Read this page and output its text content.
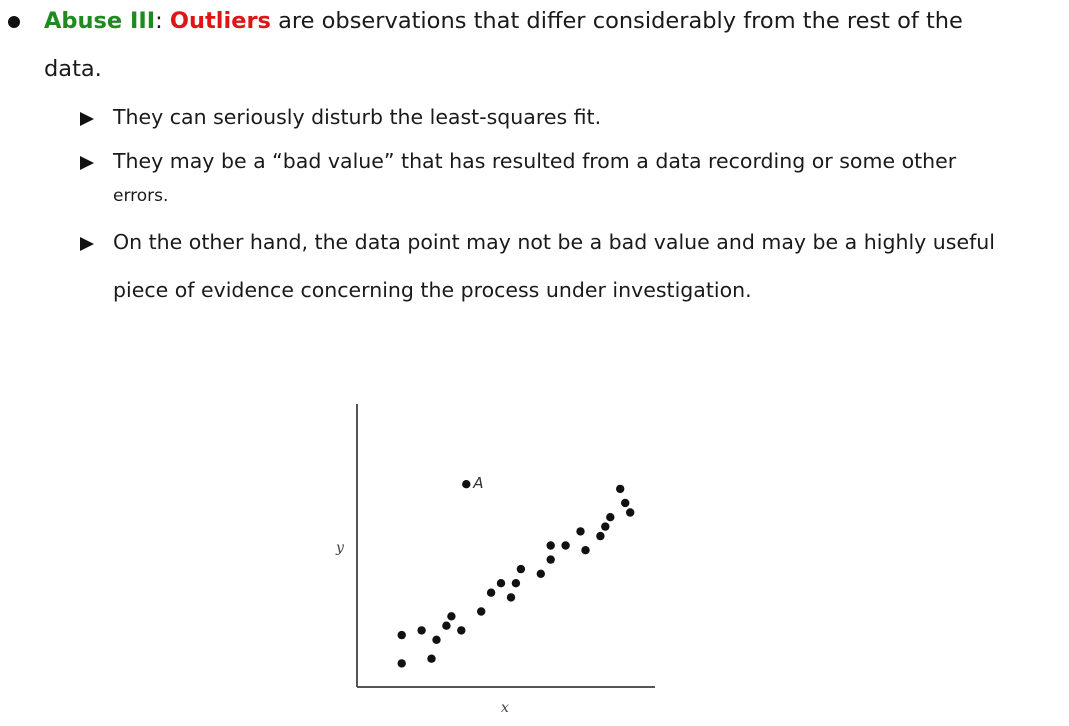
Abuse III: Outliers are observations that differ considerably from the rest of the
data.
They can seriously disturb the least-squares fit.
They may be a “bad value” that has resulted from a data recording or some other
errors.
On the other hand, the data point may not be a bad value and may be a highly useful
piece of evidence concerning the process under investigation.
y
x
A
